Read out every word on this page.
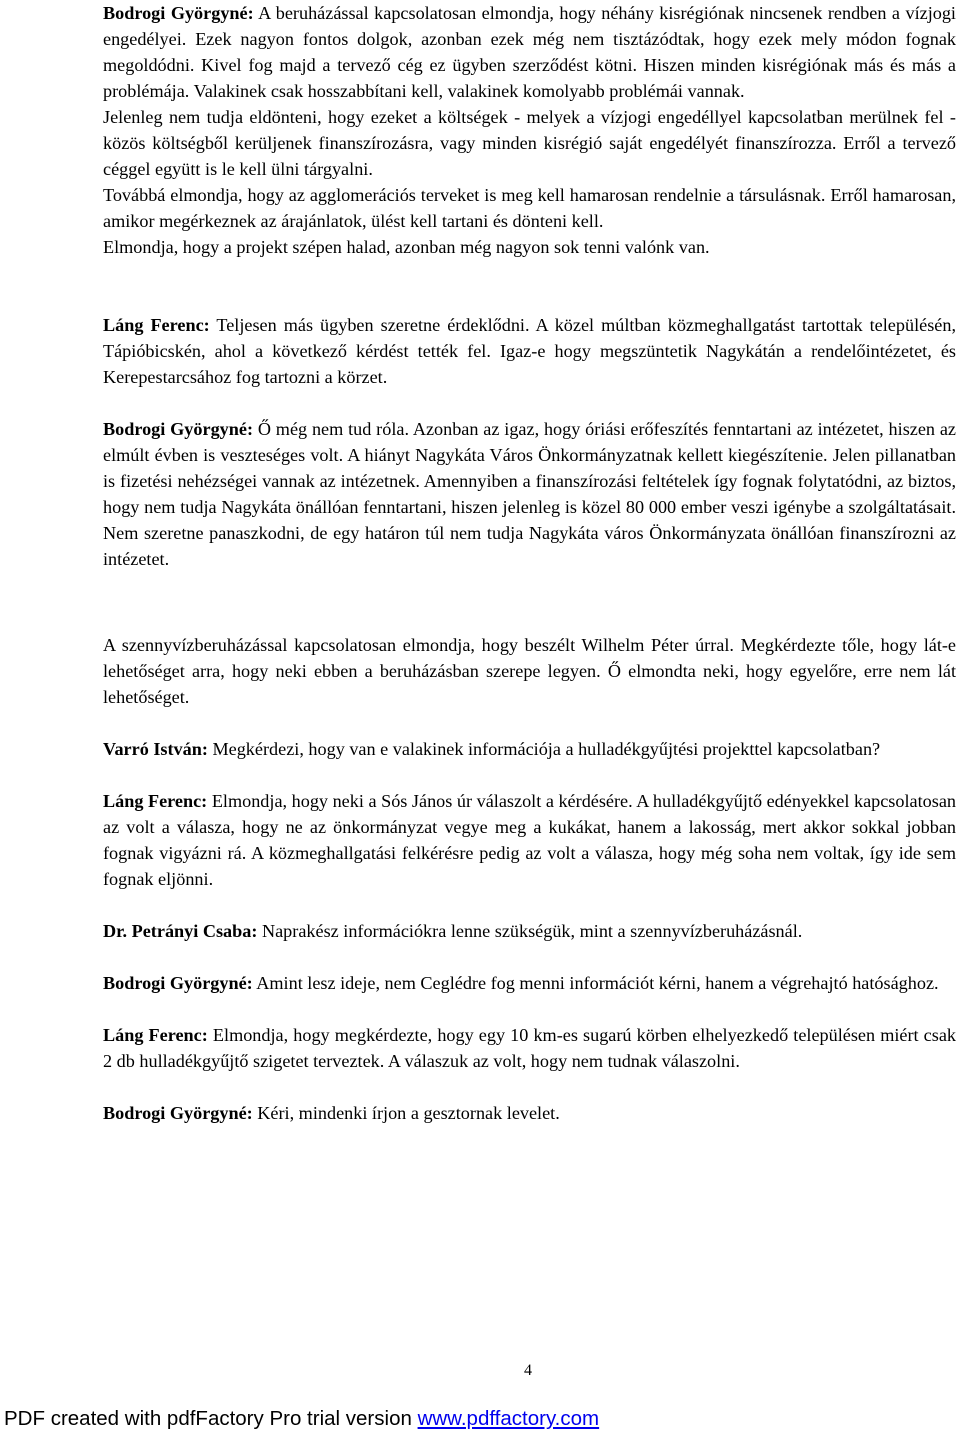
Bodrogi Györgyné: A beruházással kapcsolatosan elmondja, hogy néhány kisrégiónak nincsenek rendben a vízjogi engedélyei. Ezek nagyon fontos dolgok, azonban ezek még nem tisztázódtak, hogy ezek mely módon fognak megoldódni. Kivel fog majd a tervező cég ez ügyben szerződést kötni. Hiszen minden kisrégiónak más és más a problémája. Valakinek csak hosszabbítani kell, valakinek komolyabb problémái vannak.

Jelenleg nem tudja eldönteni, hogy ezeket a költségek - melyek a vízjogi engedéllyel kapcsolatban merülnek fel - közös költségből kerüljenek finanszírozásra, vagy minden kisrégió saját engedélyét finanszírozza. Erről a tervező céggel együtt is le kell ülni tárgyalni.

Továbbá elmondja, hogy az agglomerációs terveket is meg kell hamarosan rendelnie a társulásnak. Erről hamarosan, amikor megérkeznek az árajánlatok, ülést kell tartani és dönteni kell.

Elmondja, hogy a projekt szépen halad, azonban még nagyon sok tenni valónk van.

Láng Ferenc: Teljesen más ügyben szeretne érdeklődni. A közel múltban közmeghallgatást tartottak településén, Tápióbicskén, ahol a következő kérdést tették fel. Igaz-e hogy megszüntetik Nagykátán a rendelőintézetet, és Kerepestarcsához fog tartozni a körzet.

Bodrogi Györgyné: Ő még nem tud róla. Azonban az igaz, hogy óriási erőfeszítés fenntartani az intézetet, hiszen az elmúlt évben is veszteséges volt. A hiányt Nagykáta Város Önkormányzatnak kellett kiegészítenie. Jelen pillanatban is fizetési nehézségei vannak az intézetnek. Amennyiben a finanszírozási feltételek így fognak folytatódni, az biztos, hogy nem tudja Nagykáta önállóan fenntartani, hiszen jelenleg is közel 80 000 ember veszi igénybe a szolgáltatásait. Nem szeretne panaszkodni, de egy határon túl nem tudja Nagykáta város Önkormányzata önállóan finanszírozni az intézetet.

A szennyvízberuházással kapcsolatosan elmondja, hogy beszélt Wilhelm Péter úrral. Megkérdezte tőle, hogy lát-e lehetőséget arra, hogy neki ebben a beruházásban szerepe legyen. Ő elmondta neki, hogy egyelőre, erre nem lát lehetőséget.

Varró István: Megkérdezi, hogy van e valakinek információja a hulladékgyűjtési projekttel kapcsolatban?

Láng Ferenc: Elmondja, hogy neki a Sós János úr válaszolt a kérdésére. A hulladékgyűjtő edényekkel kapcsolatosan az volt a válasza, hogy ne az önkormányzat vegye meg a kukákat, hanem a lakosság, mert akkor sokkal jobban fognak vigyázni rá. A közmeghallgatási felkérésre pedig az volt a válasza, hogy még soha nem voltak, így ide sem fognak eljönni.

Dr. Petrányi Csaba: Naprakész információkra lenne szükségük, mint a szennyvízberuházásnál.

Bodrogi Györgyné: Amint lesz ideje, nem Ceglédre fog menni információt kérni, hanem a végrehajtó hatósághoz.

Láng Ferenc: Elmondja, hogy megkérdezte, hogy egy 10 km-es sugarú körben elhelyezkedő településen miért csak 2 db hulladékgyűjtő szigetet terveztek. A válaszuk az volt, hogy nem tudnak válaszolni.

Bodrogi Györgyné: Kéri, mindenki írjon a gesztornak levelet.

4
PDF created with pdfFactory Pro trial version www.pdffactory.com
